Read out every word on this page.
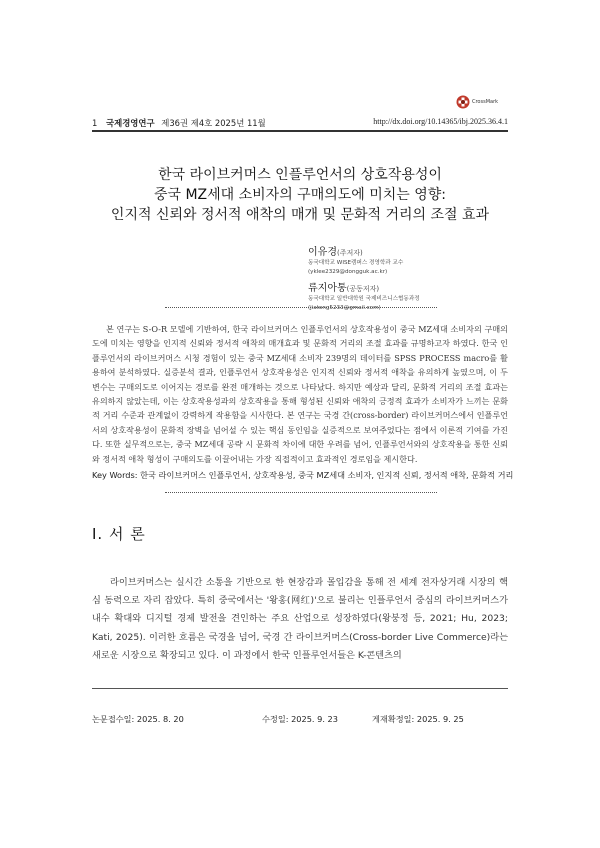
CrossMark
1 국제경영연구 제36권 제4호 2025년 11월	http://dx.doi.org/10.14365/ibj.2025.36.4.1
한국 라이브커머스 인플루언서의 상호작용성이
중국 MZ세대 소비자의 구매의도에 미치는 영향:
인지적 신뢰와 정서적 애착의 매개 및 문화적 거리의 조절 효과
이유경(주저자)
동국대학교 WISE캠퍼스 경영학과 교수
(yklee2329@dongguk.ac.kr)
류지아통(공동저자)
동국대학교 일반대학원 국제비즈니스협동과정
(jiatong5233@gmail.com)

본 연구는 S-O-R 모델에 기반하여, 한국 라이브커머스 인플루언서의 상호작용성이 중국 MZ세대 소비자의 구매의도에 미치는 영향을 인지적 신뢰와 정서적 애착의 매개효과 및 문화적 거리의 조절 효과를 규명하고자 하였다. 한국 인플루언서의 라이브커머스 시청 경험이 있는 중국 MZ세대 소비자 239명의 데이터를 SPSS PROCESS macro를 활용하여 분석하였다. 실증분석 결과, 인플루언서 상호작용성은 인지적 신뢰와 정서적 애착을 유의하게 높였으며, 이 두 변수는 구매의도로 이어지는 경로를 완전 매개하는 것으로 나타났다. 하지만 예상과 달리, 문화적 거리의 조절 효과는 유의하지 않았는데, 이는 상호작용성과의 상호작용을 통해 형성된 신뢰와 애착의 긍정적 효과가 소비자가 느끼는 문화적 거리 수준과 관계없이 강력하게 작용함을 시사한다. 본 연구는 국경 간(cross-border) 라이브커머스에서 인플루언서의 상호작용성이 문화적 장벽을 넘어설 수 있는 핵심 동인임을 실증적으로 보여주었다는 점에서 이론적 기여를 가진다. 또한 실무적으로는, 중국 MZ세대 공략 시 문화적 차이에 대한 우려를 넘어, 인플루언서와의 상호작용을 통한 신뢰와 정서적 애착 형성이 구매의도를 이끌어내는 가장 직접적이고 효과적인 경로임을 제시한다.

Key Words: 한국 라이브커머스 인플루언서, 상호작용성, 중국 MZ세대 소비자, 인지적 신뢰, 정서적 애착, 문화적 거리
Ⅰ. 서 론

라이브커머스는 실시간 소통을 기반으로 한 현장감과 몰입감을 통해 전 세계 전자상거래 시장의 핵심 동력으로 자리 잡았다. 특히 중국에서는 '왕홍(网红)'으로 불리는 인플루언서 중심의 라이브커머스가 내수 확대와 디지털 경제 발전을 견인하는 주요 산업으로 성장하였다(왕붕정 등, 2021; Hu, 2023; Kati, 2025). 이러한 흐름은 국경을 넘어, 국경 간 라이브커머스(Cross-border Live Commerce)라는 새로운 시장으로 확장되고 있다. 이 과정에서 한국 인플루언서들은 K-콘텐츠의

논문접수일: 2025. 8. 20	수정일: 2025. 9. 23	게재확정일: 2025. 9. 25
